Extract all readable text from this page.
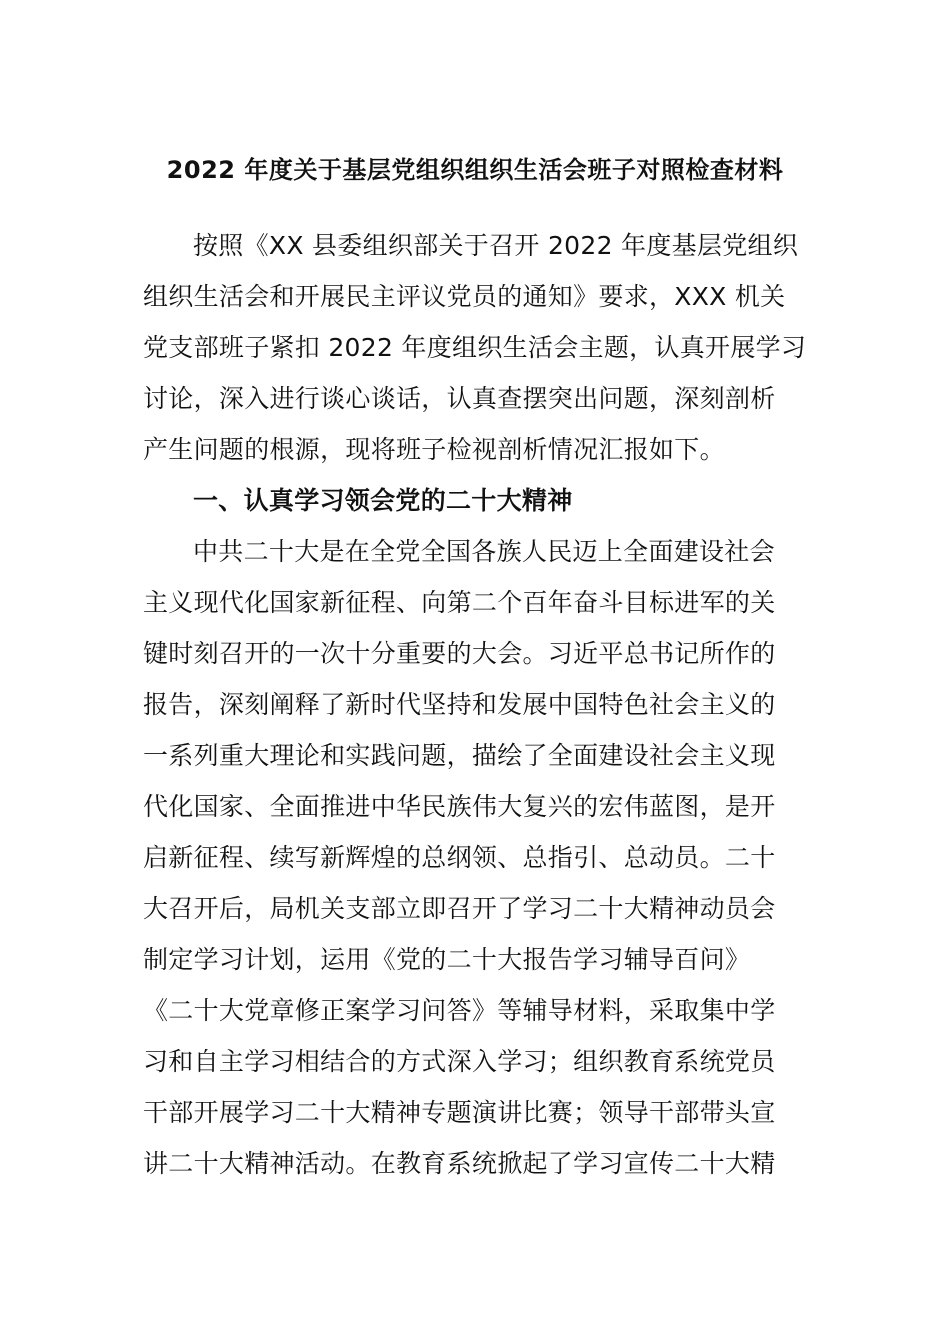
2022 年度关于基层党组织组织生活会班子对照检查材料
按照《XX 县委组织部关于召开 2022 年度基层党组织
组织生活会和开展民主评议党员的通知》要求，XXX 机关
党支部班子紧扣 2022 年度组织生活会主题，认真开展学习
讨论，深入进行谈心谈话，认真查摆突出问题，深刻剖析
产生问题的根源，现将班子检视剖析情况汇报如下。
一、认真学习领会党的二十大精神
中共二十大是在全党全国各族人民迈上全面建设社会
主义现代化国家新征程、向第二个百年奋斗目标进军的关
键时刻召开的一次十分重要的大会。习近平总书记所作的
报告，深刻阐释了新时代坚持和发展中国特色社会主义的
一系列重大理论和实践问题，描绘了全面建设社会主义现
代化国家、全面推进中华民族伟大复兴的宏伟蓝图，是开
启新征程、续写新辉煌的总纲领、总指引、总动员。二十
大召开后，局机关支部立即召开了学习二十大精神动员会
制定学习计划，运用《党的二十大报告学习辅导百问》
《二十大党章修正案学习问答》等辅导材料，采取集中学
习和自主学习相结合的方式深入学习；组织教育系统党员
干部开展学习二十大精神专题演讲比赛；领导干部带头宣
讲二十大精神活动。在教育系统掀起了学习宣传二十大精
